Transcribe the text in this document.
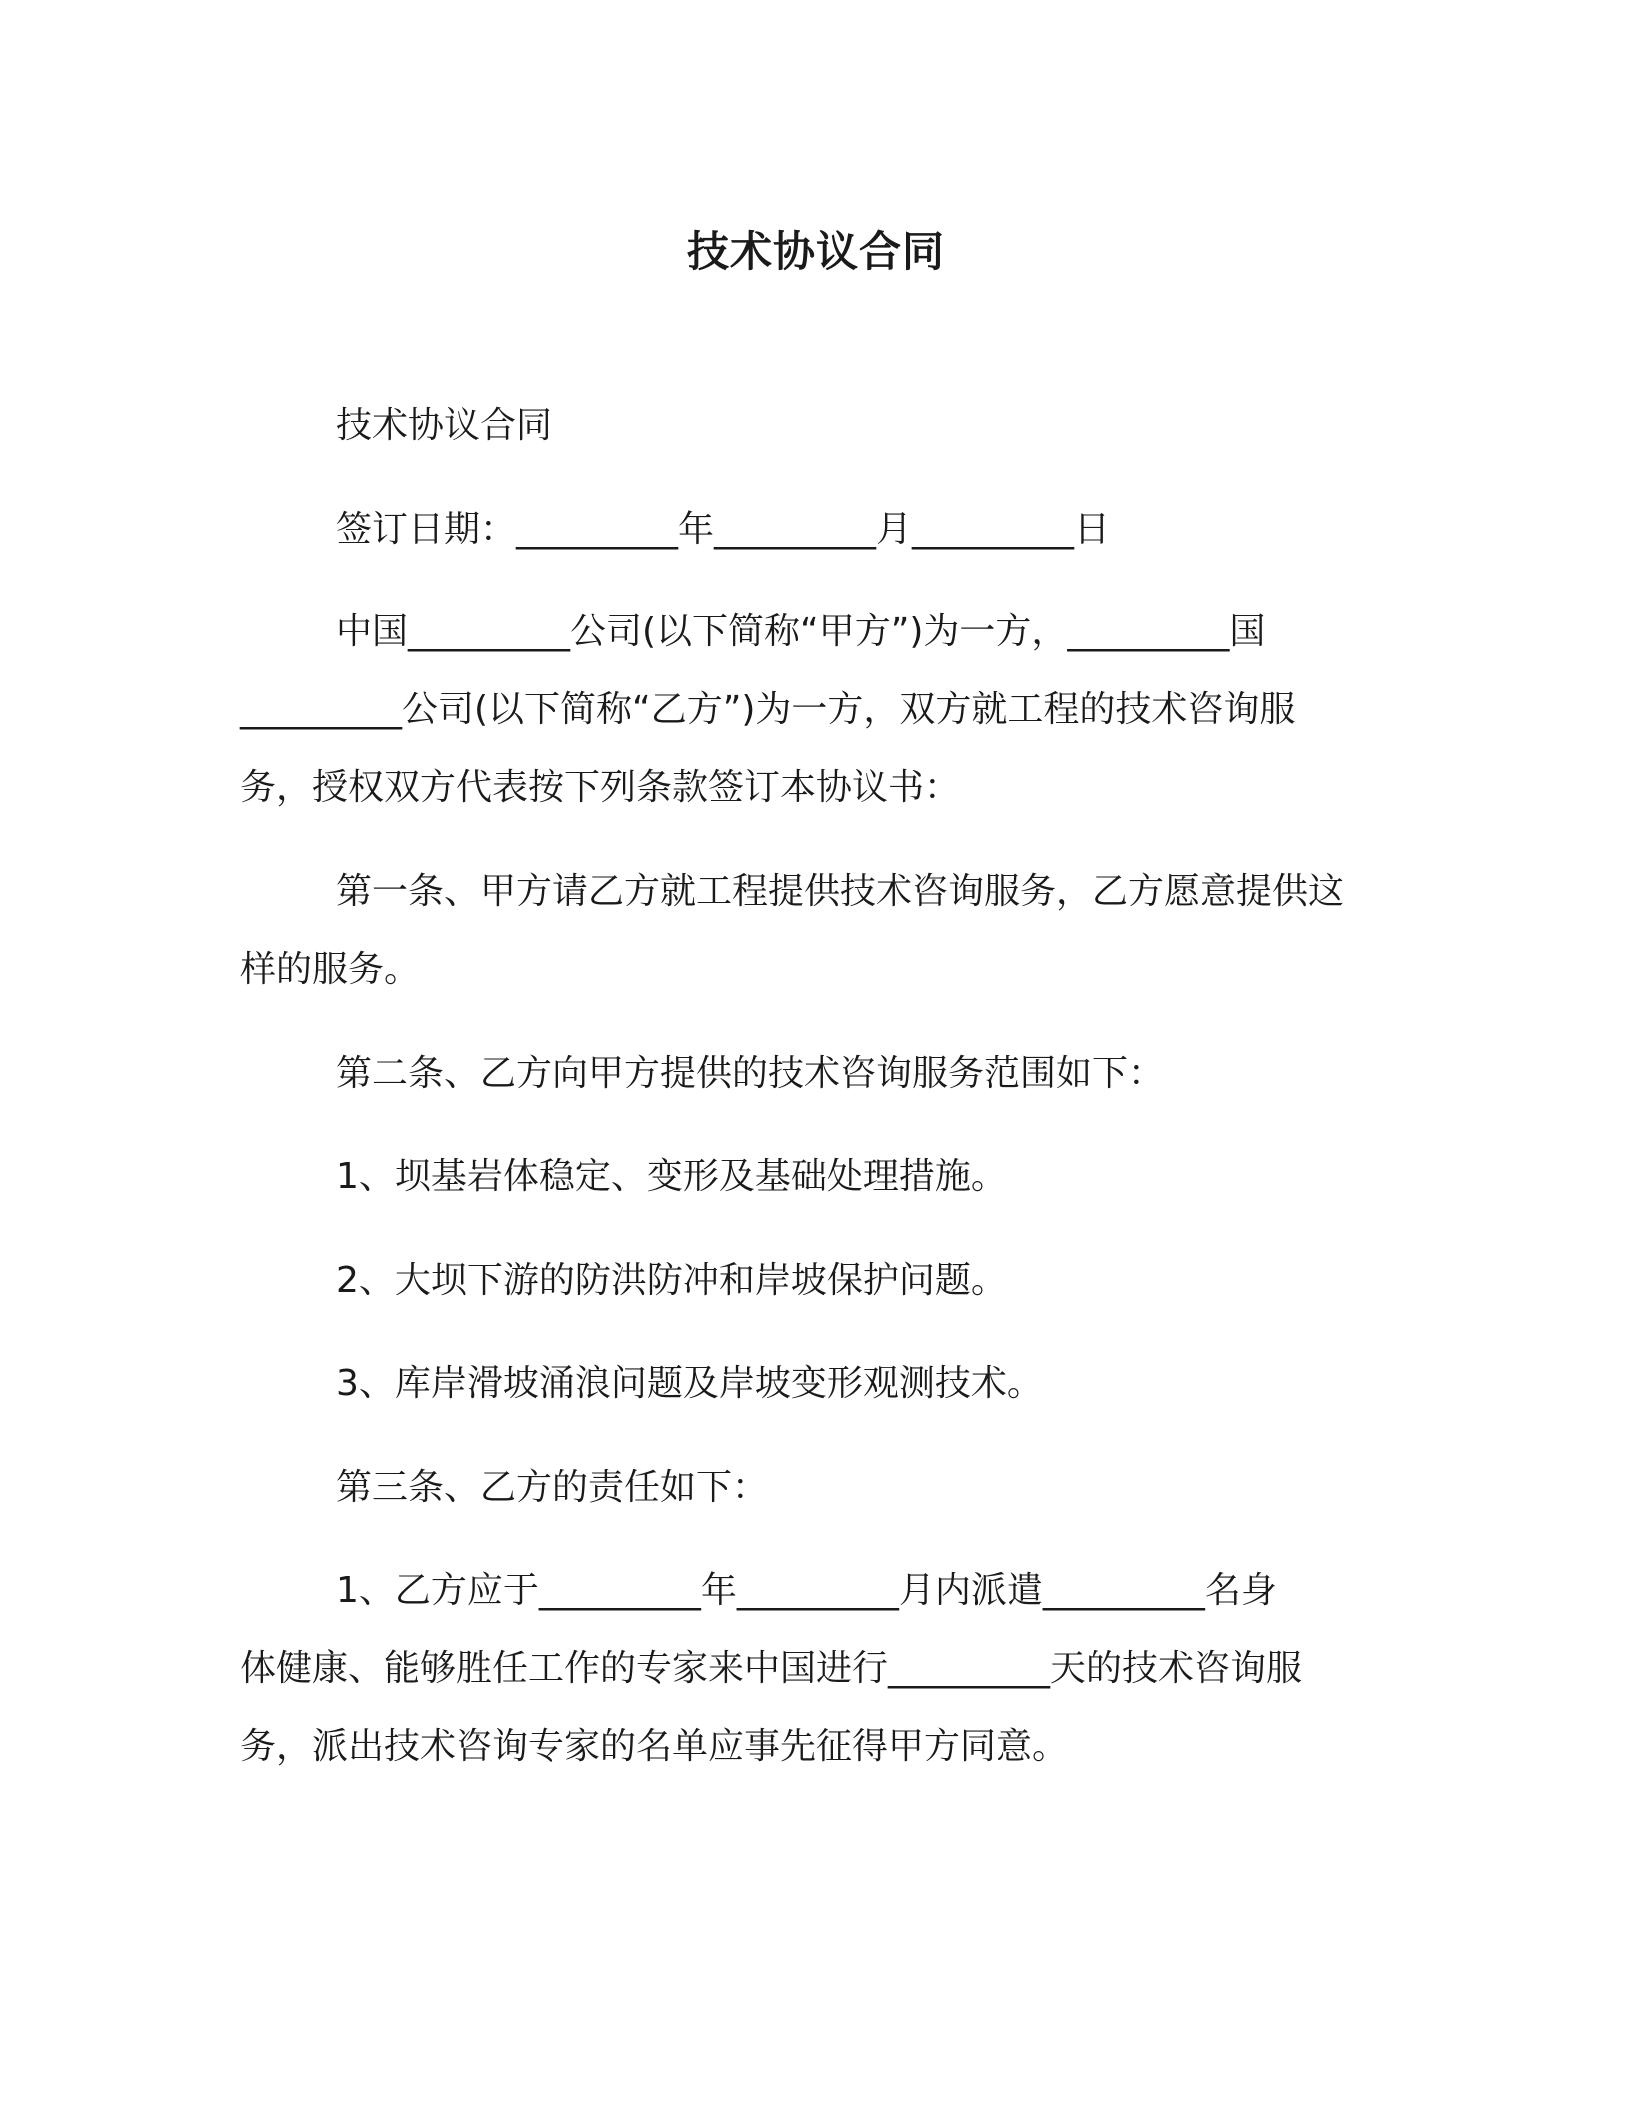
技术协议合同

技术协议合同

签订日期：_________年_________月_________日

中国_________公司(以下简称“甲方”)为一方，_________国
_________公司(以下简称“乙方”)为一方，双方就工程的技术咨询服
务，授权双方代表按下列条款签订本协议书：

第一条、甲方请乙方就工程提供技术咨询服务，乙方愿意提供这
样的服务。

第二条、乙方向甲方提供的技术咨询服务范围如下：

1、坝基岩体稳定、变形及基础处理措施。

2、大坝下游的防洪防冲和岸坡保护问题。

3、库岸滑坡涌浪问题及岸坡变形观测技术。

第三条、乙方的责任如下：

1、乙方应于_________年_________月内派遣_________名身
体健康、能够胜任工作的专家来中国进行_________天的技术咨询服
务，派出技术咨询专家的名单应事先征得甲方同意。
